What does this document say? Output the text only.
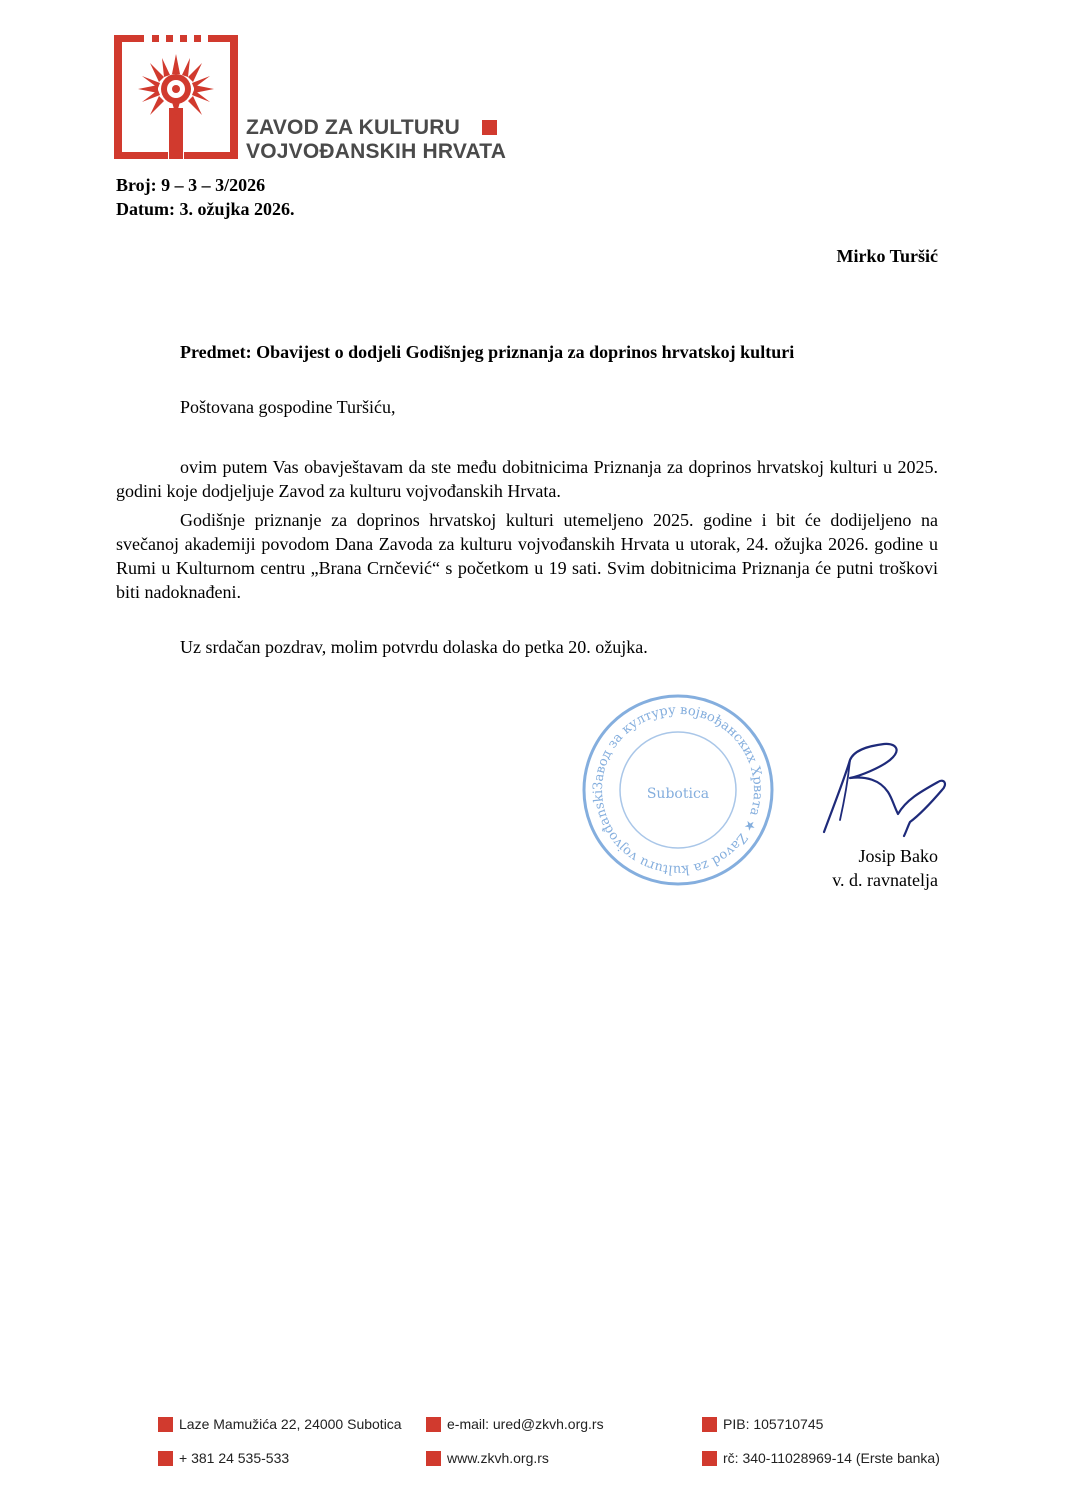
ZAVOD ZA KULTURU
VOJVOĐANSKIH HRVATA
Broj: 9 – 3 – 3/2026
Datum: 3. ožujka 2026.
Mirko Turšić
Predmet: Obavijest o dodjeli Godišnjeg priznanja za doprinos hrvatskoj kulturi
Poštovana gospodine Turšiću,

ovim putem Vas obavještavam da ste među dobitnicima Priznanja za doprinos hrvatskoj kulturi u 2025. godini koje dodjeljuje Zavod za kulturu vojvođanskih Hrvata.

Godišnje priznanje za doprinos hrvatskoj kulturi utemeljeno 2025. godine i bit će dodijeljeno na svečanoj akademiji povodom Dana Zavoda za kulturu vojvođanskih Hrvata u utorak, 24. ožujka 2026. godine u Rumi u Kulturnom centru „Brana Crnčević“ s početkom u 19 sati. Svim dobitnicima Priznanja će putni troškovi biti nadoknađeni.

Uz srdačan pozdrav, molim potvrdu dolaska do petka 20. ožujka.
Завод за културу војвођанских Хрвата ★ Zavod za kulturu vojvođanski	Subotica
Josip Bako
v. d. ravnatelja
Laze Mamužića 22, 24000 Subotica
+ 381 24 535-533
e-mail: ured@zkvh.org.rs
www.zkvh.org.rs
PIB: 105710745
rč: 340-11028969-14 (Erste banka)
